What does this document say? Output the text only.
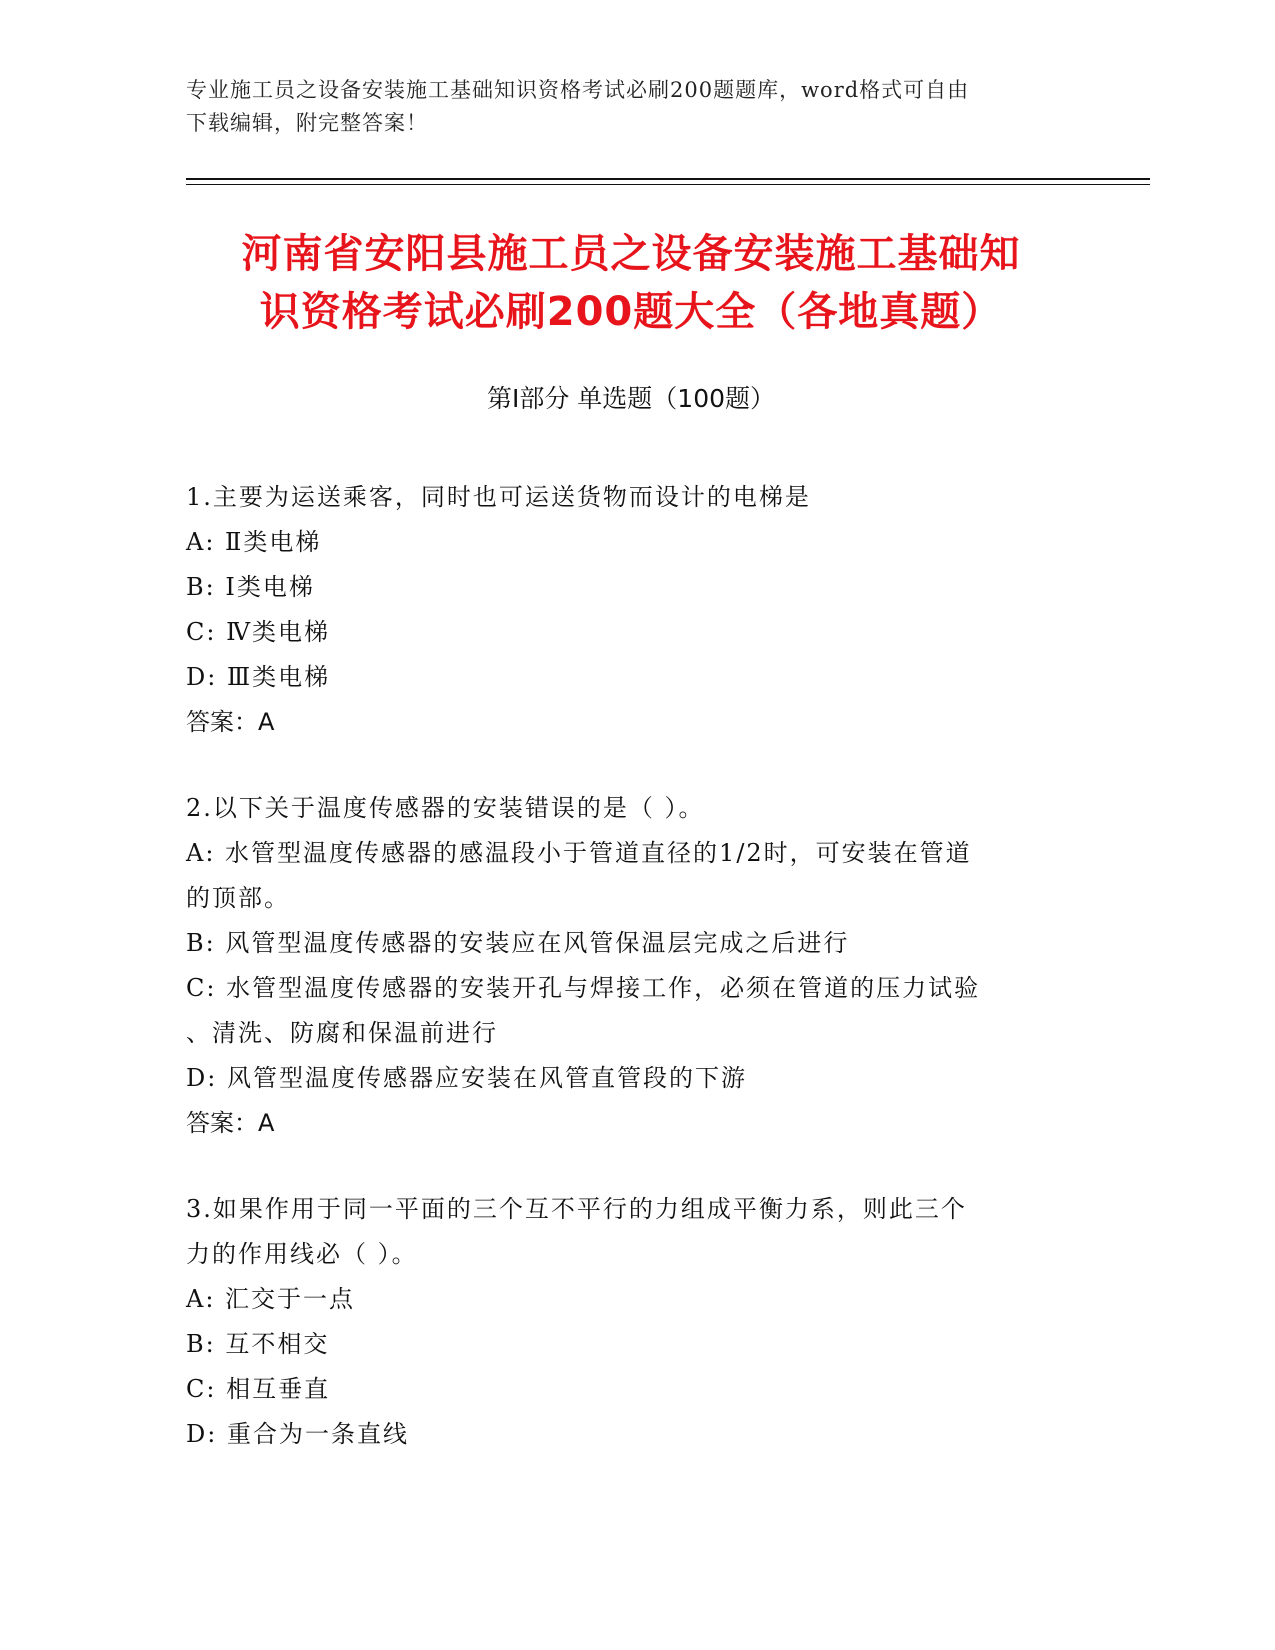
专业施工员之设备安装施工基础知识资格考试必刷200题题库，word格式可自由
下载编辑，附完整答案！
河南省安阳县施工员之设备安装施工基础知
识资格考试必刷200题大全（各地真题）
第Ⅰ部分 单选题（100题）
1.主要为运送乘客，同时也可运送货物而设计的电梯是
A: Ⅱ类电梯
B: Ⅰ类电梯
C: Ⅳ类电梯
D: Ⅲ类电梯
答案：A
2.以下关于温度传感器的安装错误的是（ ）。
A: 水管型温度传感器的感温段小于管道直径的1/2时，可安装在管道
的顶部。
B: 风管型温度传感器的安装应在风管保温层完成之后进行
C: 水管型温度传感器的安装开孔与焊接工作，必须在管道的压力试验
、清洗、防腐和保温前进行
D: 风管型温度传感器应安装在风管直管段的下游
答案：A
3.如果作用于同一平面的三个互不平行的力组成平衡力系，则此三个
力的作用线必（ ）。
A: 汇交于一点
B: 互不相交
C: 相互垂直
D: 重合为一条直线
